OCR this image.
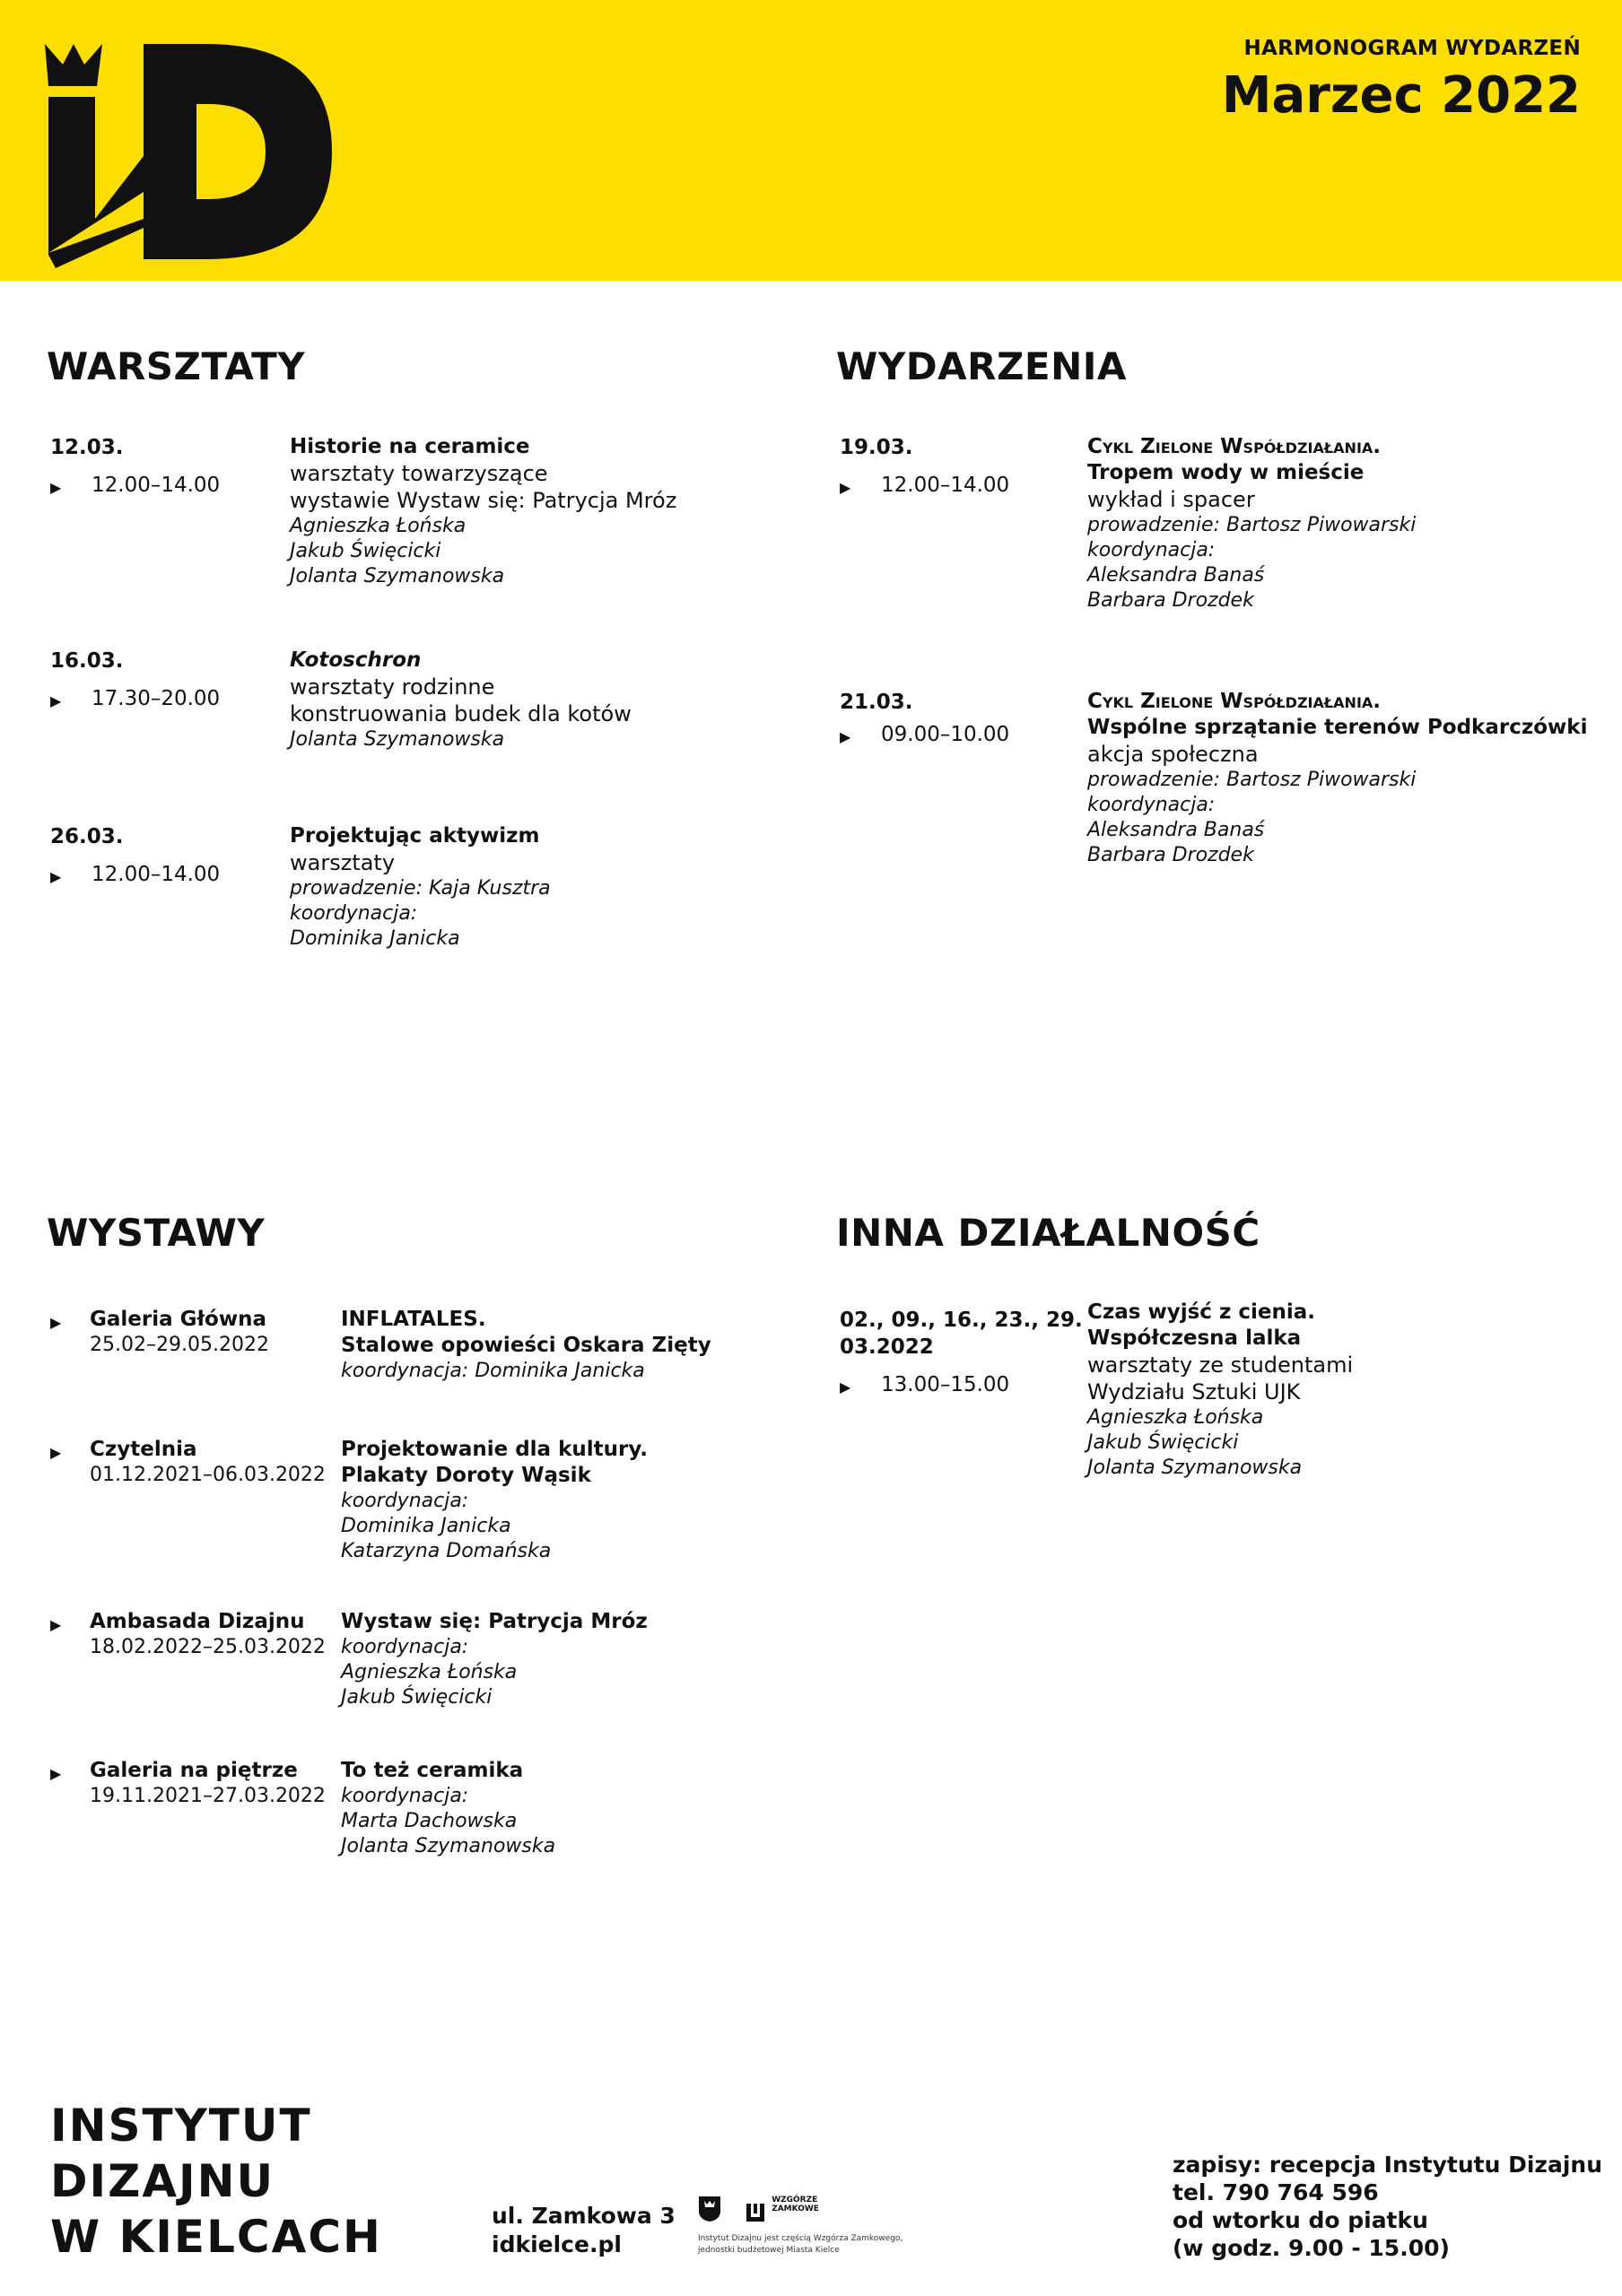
HARMONOGRAM WYDARZEŃ
Marzec 2022
WARSZTATY
12.03.
▶ 12.00–14.00
Historie na ceramice
warsztaty towarzyszące
wystawie Wystaw się: Patrycja Mróz
Agnieszka Łońska
Jakub Święcicki
Jolanta Szymanowska
16.03.
▶ 17.30–20.00
Kotoschron
warsztaty rodzinne
konstruowania budek dla kotów
Jolanta Szymanowska
26.03.
▶ 12.00–14.00
Projektując aktywizm
warsztaty
prowadzenie: Kaja Kusztra
koordynacja:
Dominika Janicka
WYDARZENIA
19.03.
▶ 12.00–14.00
Cykl Zielone Współdziałania.
Tropem wody w mieście
wykład i spacer
prowadzenie: Bartosz Piwowarski
koordynacja:
Aleksandra Banaś
Barbara Drozdek
21.03.
▶ 09.00–10.00
Cykl Zielone Współdziałania.
Wspólne sprzątanie terenów Podkarczówki
akcja społeczna
prowadzenie: Bartosz Piwowarski
koordynacja:
Aleksandra Banaś
Barbara Drozdek
WYSTAWY
▶ Galeria Główna
25.02–29.05.2022
INFLATALES.
Stalowe opowieści Oskara Zięty
koordynacja: Dominika Janicka
▶ Czytelnia
01.12.2021–06.03.2022
Projektowanie dla kultury.
Plakaty Doroty Wąsik
koordynacja:
Dominika Janicka
Katarzyna Domańska
▶ Ambasada Dizajnu
18.02.2022–25.03.2022
Wystaw się: Patrycja Mróz
koordynacja:
Agnieszka Łońska
Jakub Święcicki
▶ Galeria na piętrze
19.11.2021–27.03.2022
To też ceramika
koordynacja:
Marta Dachowska
Jolanta Szymanowska
INNA DZIAŁALNOŚĆ
02., 09., 16., 23., 29.
03.2022
▶ 13.00–15.00
Czas wyjść z cienia.
Współczesna lalka
warsztaty ze studentami
Wydziału Sztuki UJK
Agnieszka Łońska
Jakub Święcicki
Jolanta Szymanowska
INSTYTUT
DIZAJNU
W KIELCACH	ul. Zamkowa 3
idkielce.pl
WZGÓRZE ZAMKOWE
Instytut Dizajnu jest częścią Wzgórza Zamkowego,
jednostki budżetowej Miasta Kielce
zapisy: recepcja Instytutu Dizajnu
tel. 790 764 596
od wtorku do piatku
(w godz. 9.00 - 15.00)
